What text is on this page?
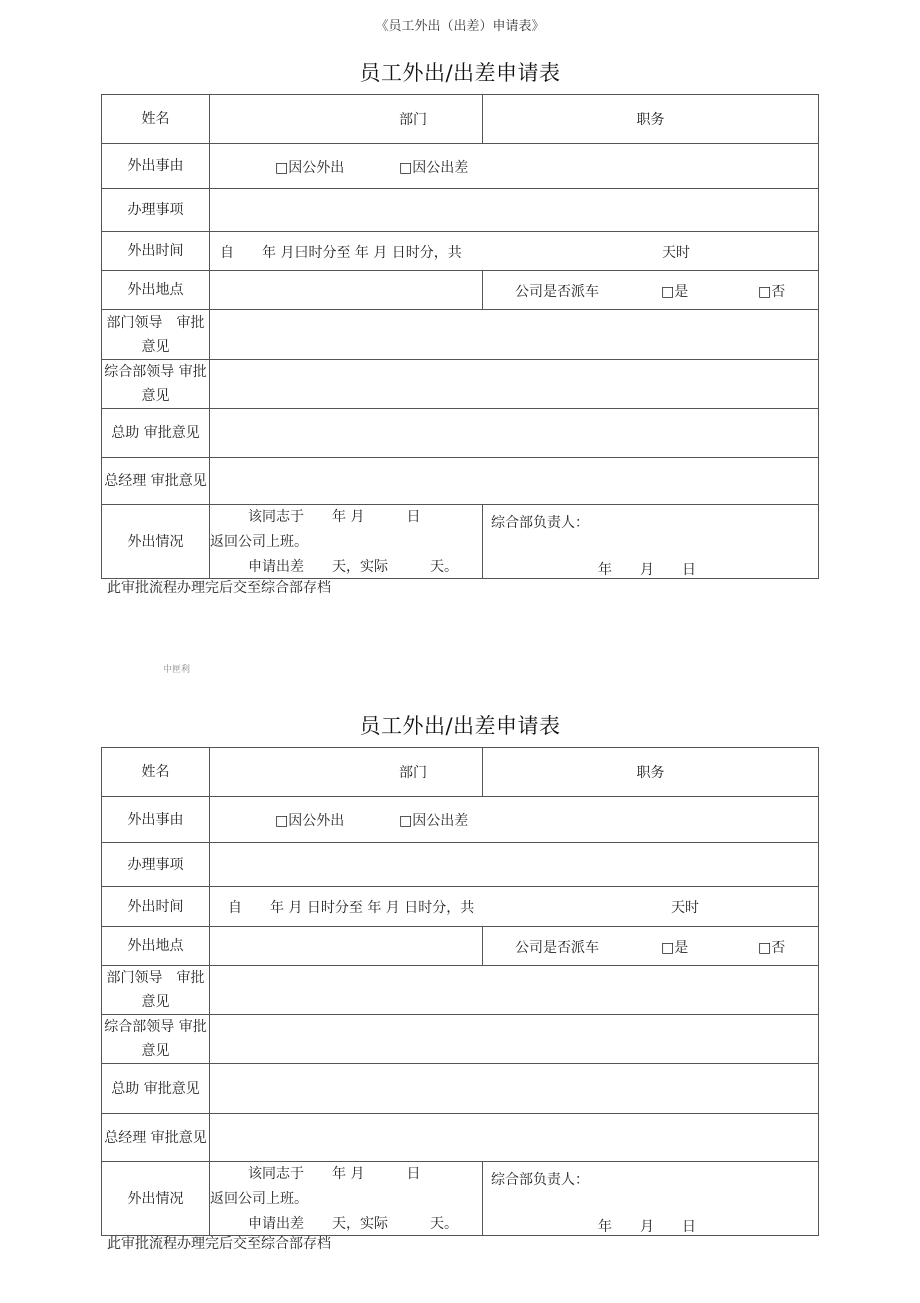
《员工外出（出差）申请表》
员工外出/出差申请表
姓名	部门	职务
外出事由	□因公外出 □因公出差	

办理事项		
外出时间	自　　年 月曰时分至 年 月 日时分，共 天时	

外出地点		公司是否派车 □是 □否

部门领导　审批意见		
综合部领导 审批意见		
总助 审批意见		
总经理 审批意见		
外出情况	该同志于　　年 月　　　日
返回公司上班。
申请出差　　天，实际　　　天。	综合部负责人：
年　　月　　日
此审批流程办理完后交至综合部存档
中匣利
员工外出/出差申请表
姓名	部门	职务
外出事由	□因公外出 □因公出差	

办理事项		
外出时间	自　　年 月 日时分至 年 月 日时分，共 天时	

外出地点		公司是否派车 □是 □否

部门领导　审批意见		
综合部领导 审批意见		
总助 审批意见		
总经理 审批意见		
外出情况	该同志于　　年 月　　　日
返回公司上班。
申请出差　　天，实际　　　天。	综合部负责人：
年　　月　　日
此审批流程办理完后交至综合部存档
